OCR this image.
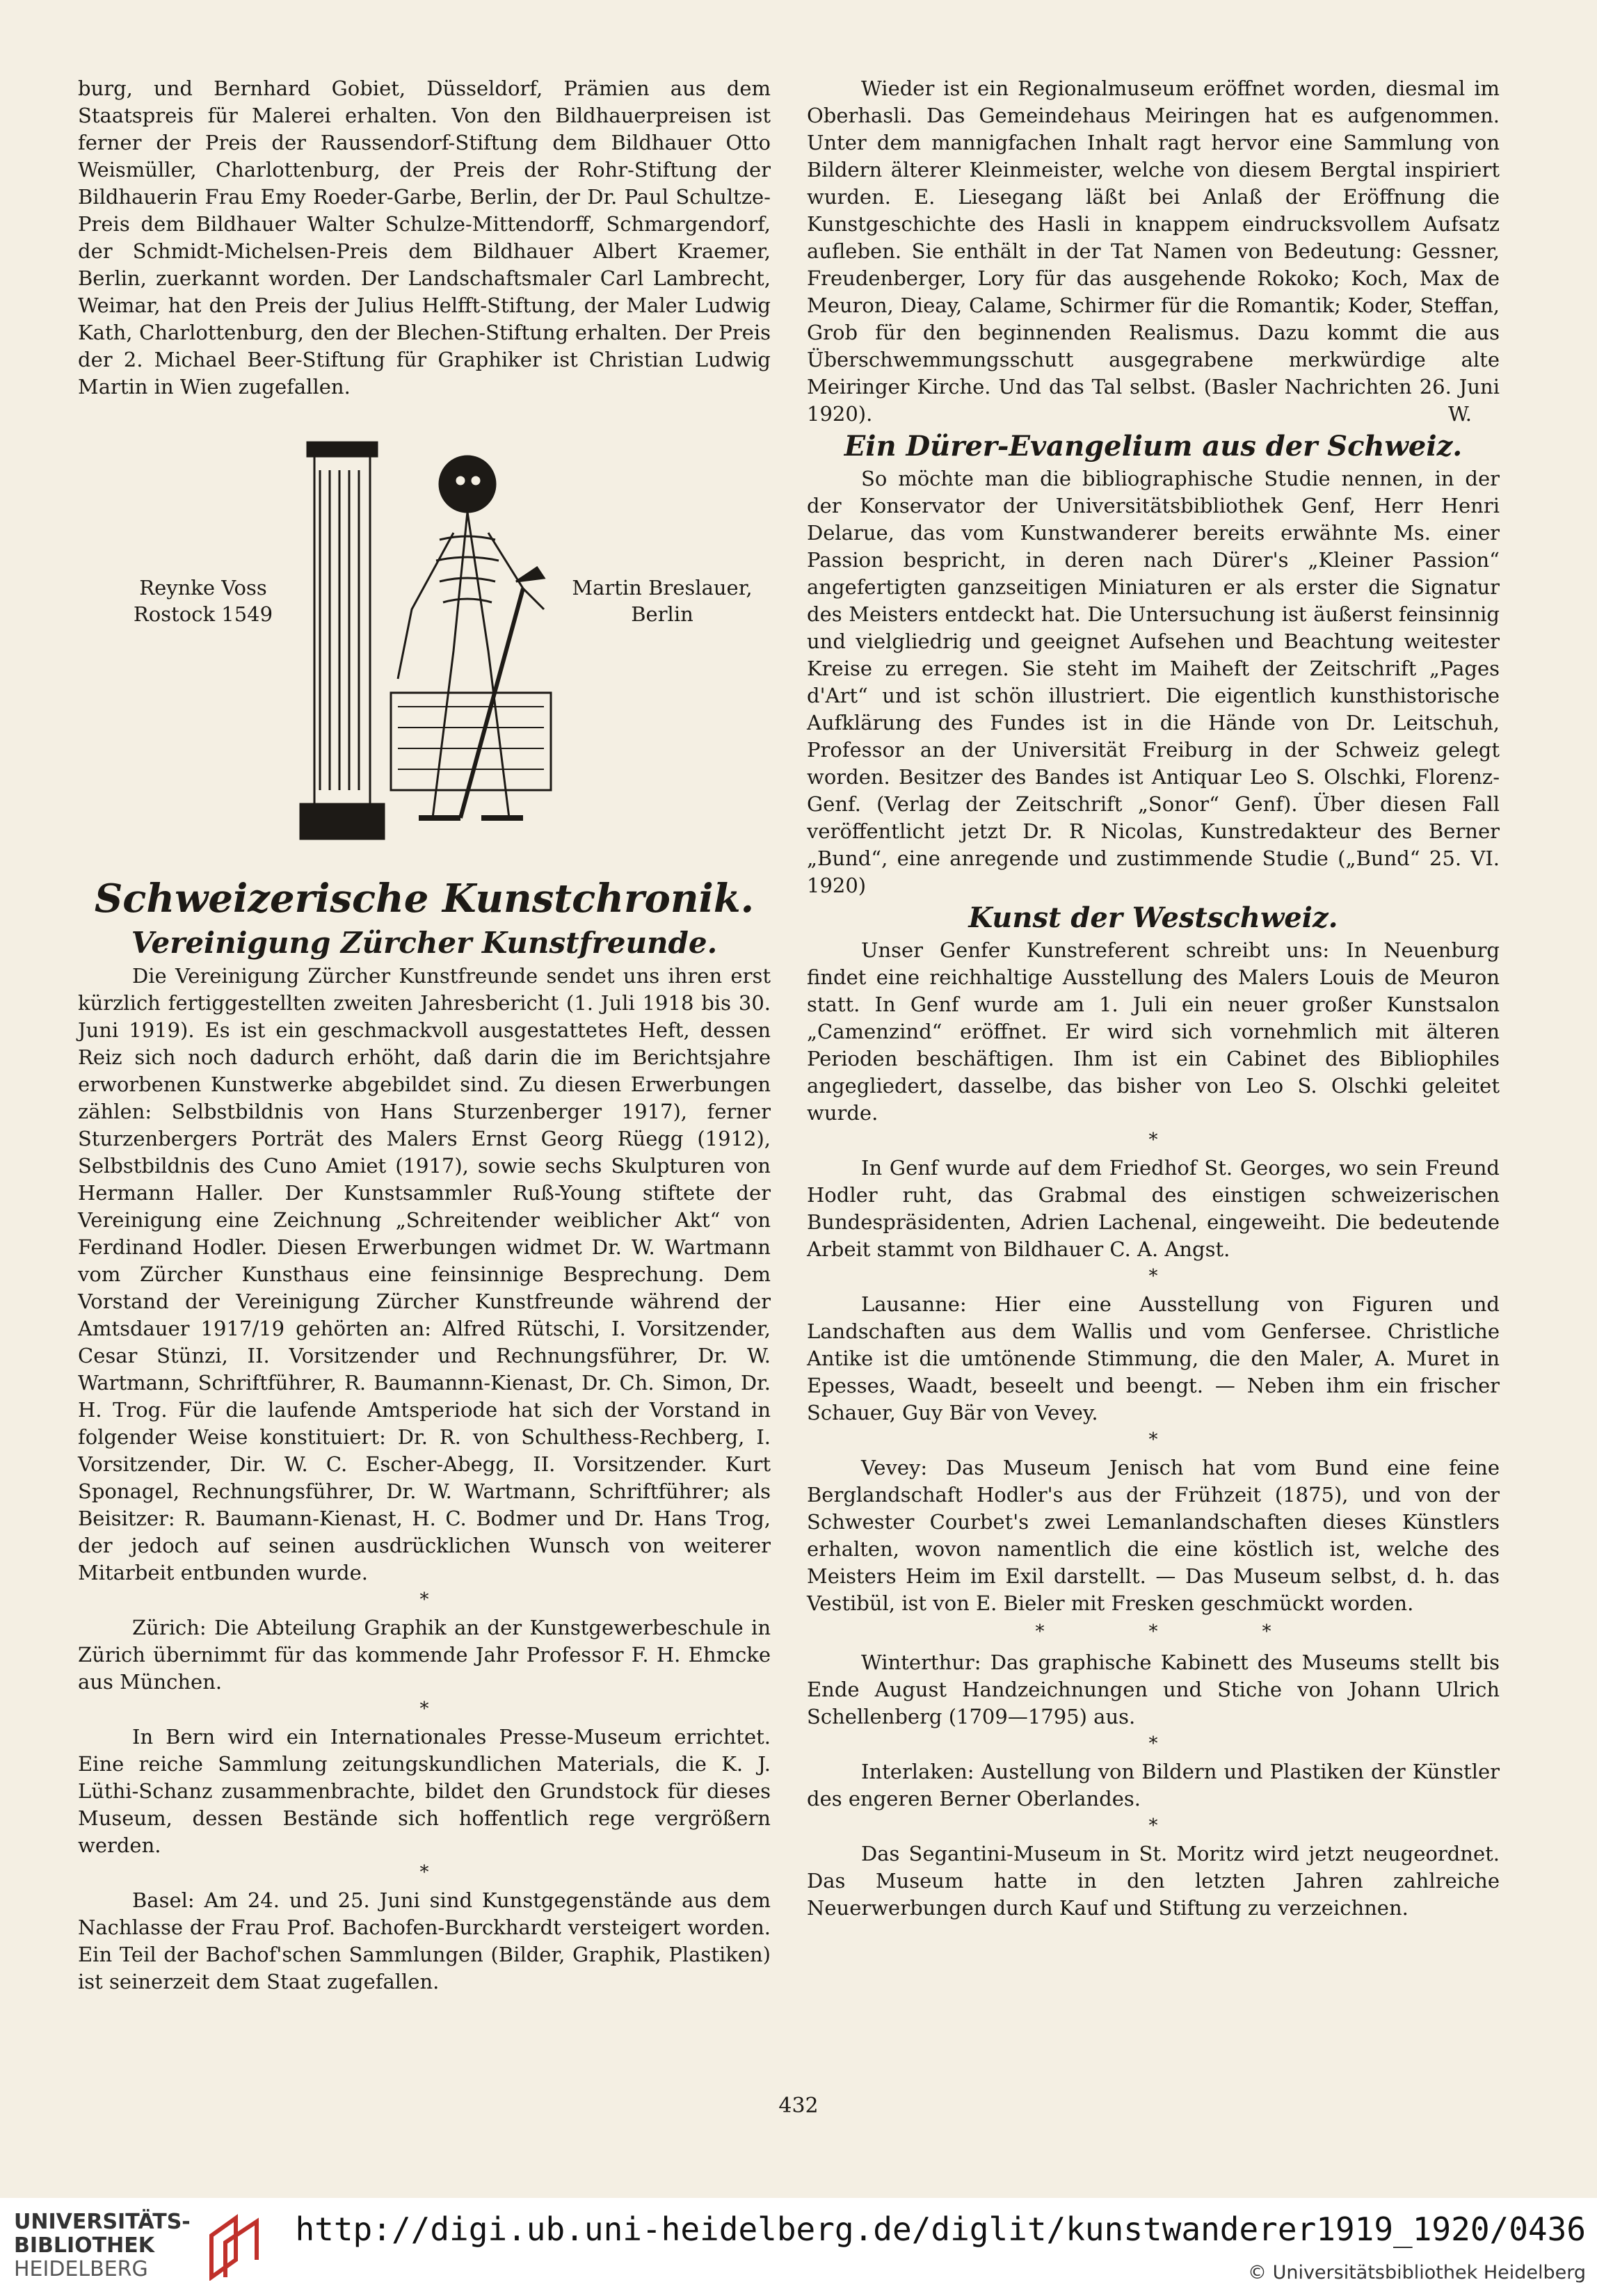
burg, und Bernhard Gobiet, Düsseldorf, Prämien aus dem Staatspreis für Malerei erhalten. Von den Bildhauerpreisen ist ferner der Preis der Raussendorf-Stiftung dem Bildhauer Otto Weismüller, Charlottenburg, der Preis der Rohr-Stiftung der Bildhauerin Frau Emy Roeder-Garbe, Berlin, der Dr. Paul Schultze-Preis dem Bildhauer Walter Schulze-Mittendorff, Schmargendorf, der Schmidt-Michelsen-Preis dem Bildhauer Albert Kraemer, Berlin, zuerkannt worden. Der Landschaftsmaler Carl Lambrecht, Weimar, hat den Preis der Julius Helfft-Stiftung, der Maler Ludwig Kath, Charlottenburg, den der Blechen-Stiftung erhalten. Der Preis der 2. Michael Beer-Stiftung für Graphiker ist Christian Ludwig Martin in Wien zugefallen.

Reynke Voss
Rostock 1549
Martin Breslauer,
Berlin
Schweizerische Kunstchronik.
Vereinigung Zürcher Kunstfreunde.

Die Vereinigung Zürcher Kunstfreunde sendet uns ihren erst kürzlich fertiggestellten zweiten Jahresbericht (1. Juli 1918 bis 30. Juni 1919). Es ist ein geschmackvoll ausgestattetes Heft, dessen Reiz sich noch dadurch erhöht, daß darin die im Berichtsjahre erworbenen Kunstwerke abgebildet sind. Zu diesen Erwerbungen zählen: Selbstbildnis von Hans Sturzenberger 1917), ferner Sturzenbergers Porträt des Malers Ernst Georg Rüegg (1912), Selbstbildnis des Cuno Amiet (1917), sowie sechs Skulpturen von Hermann Haller. Der Kunstsammler Ruß-Young stiftete der Vereinigung eine Zeichnung „Schreitender weiblicher Akt“ von Ferdinand Hodler. Diesen Erwerbungen widmet Dr. W. Wartmann vom Zürcher Kunsthaus eine feinsinnige Besprechung. Dem Vorstand der Vereinigung Zürcher Kunstfreunde während der Amtsdauer 1917/19 gehörten an: Alfred Rütschi, I. Vorsitzender, Cesar Stünzi, II. Vorsitzender und Rechnungsführer, Dr. W. Wartmann, Schriftführer, R. Baumannn-Kienast, Dr. Ch. Simon, Dr. H. Trog. Für die laufende Amtsperiode hat sich der Vorstand in folgender Weise konstituiert: Dr. R. von Schulthess-Rechberg, I. Vorsitzender, Dir. W. C. Escher-Abegg, II. Vorsitzender. Kurt Sponagel, Rechnungsführer, Dr. W. Wartmann, Schriftführer; als Beisitzer: R. Baumann-Kienast, H. C. Bodmer und Dr. Hans Trog, der jedoch auf seinen ausdrücklichen Wunsch von weiterer Mitarbeit entbunden wurde.

*

Zürich: Die Abteilung Graphik an der Kunstgewerbeschule in Zürich übernimmt für das kommende Jahr Professor F. H. Ehmcke aus München.

*

In Bern wird ein Internationales Presse-Museum errichtet. Eine reiche Sammlung zeitungskundlichen Materials, die K. J. Lüthi-Schanz zusammenbrachte, bildet den Grundstock für dieses Museum, dessen Bestände sich hoffentlich rege vergrößern werden.

*

Basel: Am 24. und 25. Juni sind Kunstgegenstände aus dem Nachlasse der Frau Prof. Bachofen-Burckhardt versteigert worden. Ein Teil der Bachof'schen Sammlungen (Bilder, Graphik, Plastiken) ist seinerzeit dem Staat zugefallen.

Wieder ist ein Regionalmuseum eröffnet worden, diesmal im Oberhasli. Das Gemeindehaus Meiringen hat es aufgenommen. Unter dem mannigfachen Inhalt ragt hervor eine Sammlung von Bildern älterer Kleinmeister, welche von diesem Bergtal inspiriert wurden. E. Liesegang läßt bei Anlaß der Eröffnung die Kunstgeschichte des Hasli in knappem eindrucksvollem Aufsatz aufleben. Sie enthält in der Tat Namen von Bedeutung: Gessner, Freudenberger, Lory für das ausgehende Rokoko; Koch, Max de Meuron, Dieay, Calame, Schirmer für die Romantik; Koder, Steffan, Grob für den beginnenden Realismus. Dazu kommt die aus Überschwemmungsschutt ausgegrabene merkwürdige alte Meiringer Kirche. Und das Tal selbst. (Basler Nachrichten 26. Juni 1920).	W.

Ein Dürer-Evangelium aus der Schweiz.

So möchte man die bibliographische Studie nennen, in der der Konservator der Universitätsbibliothek Genf, Herr Henri Delarue, das vom Kunstwanderer bereits erwähnte Ms. einer Passion bespricht, in deren nach Dürer's „Kleiner Passion“ angefertigten ganzseitigen Miniaturen er als erster die Signatur des Meisters entdeckt hat. Die Untersuchung ist äußerst feinsinnig und vielgliedrig und geeignet Aufsehen und Beachtung weitester Kreise zu erregen. Sie steht im Maiheft der Zeitschrift „Pages d'Art“ und ist schön illustriert. Die eigentlich kunsthistorische Aufklärung des Fundes ist in die Hände von Dr. Leitschuh, Professor an der Universität Freiburg in der Schweiz gelegt worden. Besitzer des Bandes ist Antiquar Leo S. Olschki, Florenz-Genf. (Verlag der Zeitschrift „Sonor“ Genf). Über diesen Fall veröffentlicht jetzt Dr. R Nicolas, Kunstredakteur des Berner „Bund“, eine anregende und zustimmende Studie („Bund“ 25. VI. 1920)

Kunst der Westschweiz.

Unser Genfer Kunstreferent schreibt uns: In Neuenburg findet eine reichhaltige Ausstellung des Malers Louis de Meuron statt. In Genf wurde am 1. Juli ein neuer großer Kunstsalon „Camenzind“ eröffnet. Er wird sich vornehmlich mit älteren Perioden beschäftigen. Ihm ist ein Cabinet des Bibliophiles angegliedert, dasselbe, das bisher von Leo S. Olschki geleitet wurde.

*

In Genf wurde auf dem Friedhof St. Georges, wo sein Freund Hodler ruht, das Grabmal des einstigen schweizerischen Bundespräsidenten, Adrien Lachenal, eingeweiht. Die bedeutende Arbeit stammt von Bildhauer C. A. Angst.

*

Lausanne: Hier eine Ausstellung von Figuren und Landschaften aus dem Wallis und vom Genfersee. Christliche Antike ist die umtönende Stimmung, die den Maler, A. Muret in Epesses, Waadt, beseelt und beengt. — Neben ihm ein frischer Schauer, Guy Bär von Vevey.

*

Vevey: Das Museum Jenisch hat vom Bund eine feine Berglandschaft Hodler's aus der Frühzeit (1875), und von der Schwester Courbet's zwei Lemanlandschaften dieses Künstlers erhalten, wovon namentlich die eine köstlich ist, welche des Meisters Heim im Exil darstellt. — Das Museum selbst, d. h. das Vestibül, ist von E. Bieler mit Fresken geschmückt worden.

*	*	*

Winterthur: Das graphische Kabinett des Museums stellt bis Ende August Handzeichnungen und Stiche von Johann Ulrich Schellenberg (1709—1795) aus.

*

Interlaken: Austellung von Bildern und Plastiken der Künstler des engeren Berner Oberlandes.

*

Das Segantini-Museum in St. Moritz wird jetzt neugeordnet. Das Museum hatte in den letzten Jahren zahlreiche Neuerwerbungen durch Kauf und Stiftung zu verzeichnen.

432
UNIVERSITÄTS-
BIBLIOTHEK
HEIDELBERG
http://digi.ub.uni-heidelberg.de/diglit/kunstwanderer1919_1920/0436
© Universitätsbibliothek Heidelberg
